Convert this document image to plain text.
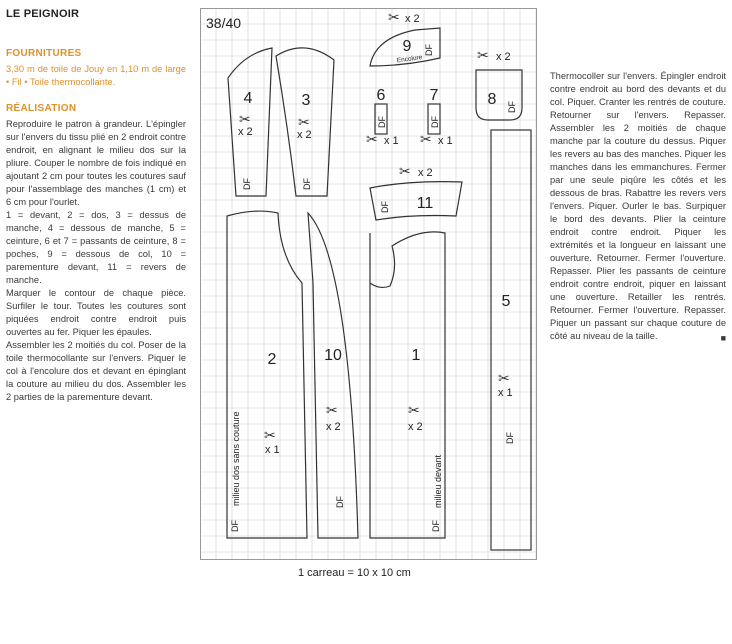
LE PEIGNOIR
FOURNITURES

3,30 m de toile de Jouy en 1,10 m de large • Fil • Toile thermocollante.

RÉALISATION

Reproduire le patron à grandeur. L'épingler sur l'envers du tissu plié en 2 endroit contre endroit, en alignant le milieu dos sur la pliure. Couper le nombre de fois indiqué en ajoutant 2 cm pour toutes les coutures sauf pour l'assemblage des manches (1 cm) et 6 cm pour l'ourlet.

1 = devant, 2 = dos, 3 = dessus de manche, 4 = dessous de manche, 5 = ceinture, 6 et 7 = passants de ceinture, 8 = poches, 9 = dessous de col, 10 = parementure devant, 11 = revers de manche.

Marquer le contour de chaque pièce. Surfiler le tour. Toutes les coutures sont piquées endroit contre endroit puis ouvertes au fer. Piquer les épaules.

Assembler les 2 moitiés du col. Poser de la toile thermocollante sur l'envers. Piquer le col à l'encolure dos et devant en épinglant la couture au milieu du dos. Assembler les 2 parties de la parementure devant.

38/40
4	3
9
6	7	8
11
5
2	10	1
x 2
x 2
x 2	x 2	x 1	x 1
x 2
x 1
x 2	x 2
x 1
✂
✂
✂	✂
✂	✂
✂
✂
✂	✂
✂
DF	DF
DF
DF	DF
DF
DF
DF
DF
DF
DF
Encolure
milieu dos sans couture	milieu devant
1 carreau = 10 x 10 cm
Thermocoller sur l'envers. Épingler endroit contre endroit au bord des devants et du col. Piquer. Cranter les rentrés de couture. Retourner sur l'envers. Repasser. Assembler les 2 moitiés de chaque manche par la couture du dessus. Piquer les revers au bas des manches. Piquer les manches dans les emmanchures. Fermer par une seule piqûre les côtés et les dessous de bras. Rabattre les revers vers l'envers. Piquer. Ourler le bas. Surpiquer le bord des devants. Plier la ceinture endroit contre endroit. Piquer les extrémités et la longueur en laissant une ouverture. Retourner. Fermer l'ouverture. Repasser. Plier les passants de ceinture endroit contre endroit, piquer en laissant une ouverture. Retailler les rentrés. Retourner. Fermer l'ouverture. Repasser. Piquer un passant sur chaque couture de côté au niveau de la taille.	■
